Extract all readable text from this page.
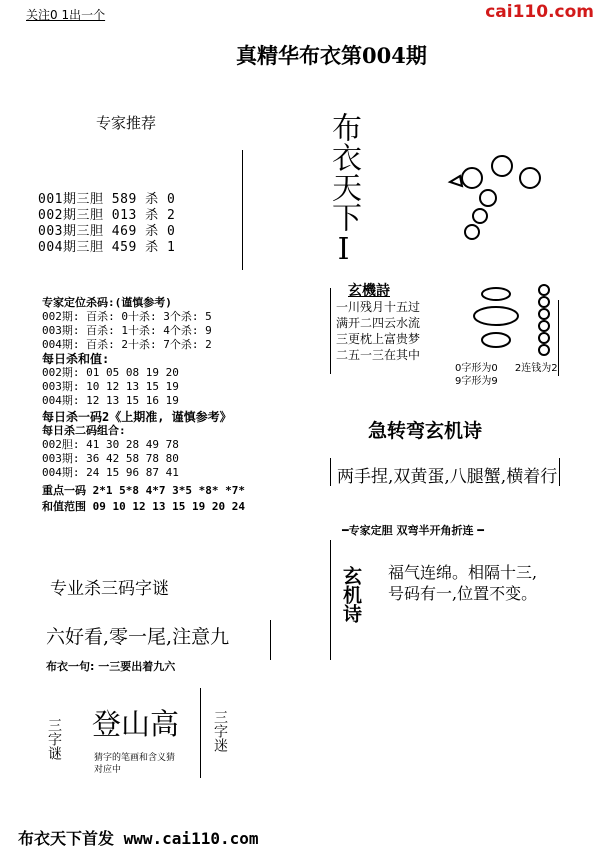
关注0 1出一个	cai110.com
真精华布衣第004期
专家推荐
001期三胆 589 杀 0
002期三胆 013 杀 2
003期三胆 469 杀 0
004期三胆 459 杀 1
专家定位杀码:(谨慎参考)
002期: 百杀: 0十杀: 3个杀: 5
003期: 百杀: 1十杀: 4个杀: 9
004期: 百杀: 2十杀: 7个杀: 2
每日杀和值:
002期: 01 05 08 19 20
003期: 10 12 13 15 19
004期: 12 13 15 16 19
每日杀一码2《上期准, 谨慎参考》
每日杀二码组合:
002胆: 41 30 28 49 78
003期: 36 42 58 78 80
004期: 24 15 96 87 41
重点一码 2*1 5*8 4*7 3*5 *8* *7*
和值范围 09 10 12 13 15 19 20 24
布衣天下I
玄機詩
一川残月十五过
满开二四云水流
三更枕上富贵梦
二五一三在其中
0字形为0 2连钱为2
9字形为9
急转弯玄机诗
两手捏,双黄蛋,八腿蟹,横着行
━专家定胆 双弯半开角折连 ━
玄机诗 福气连绵。相隔十三,
号码有一,位置不变。
专业杀三码字谜
六好看,零一尾,注意九
布衣一句: 一三要出着九六
三字谜 登山高
猜字的笔画和含义猜
对应中
三字迷
布衣天下首发 www.cai110.com
